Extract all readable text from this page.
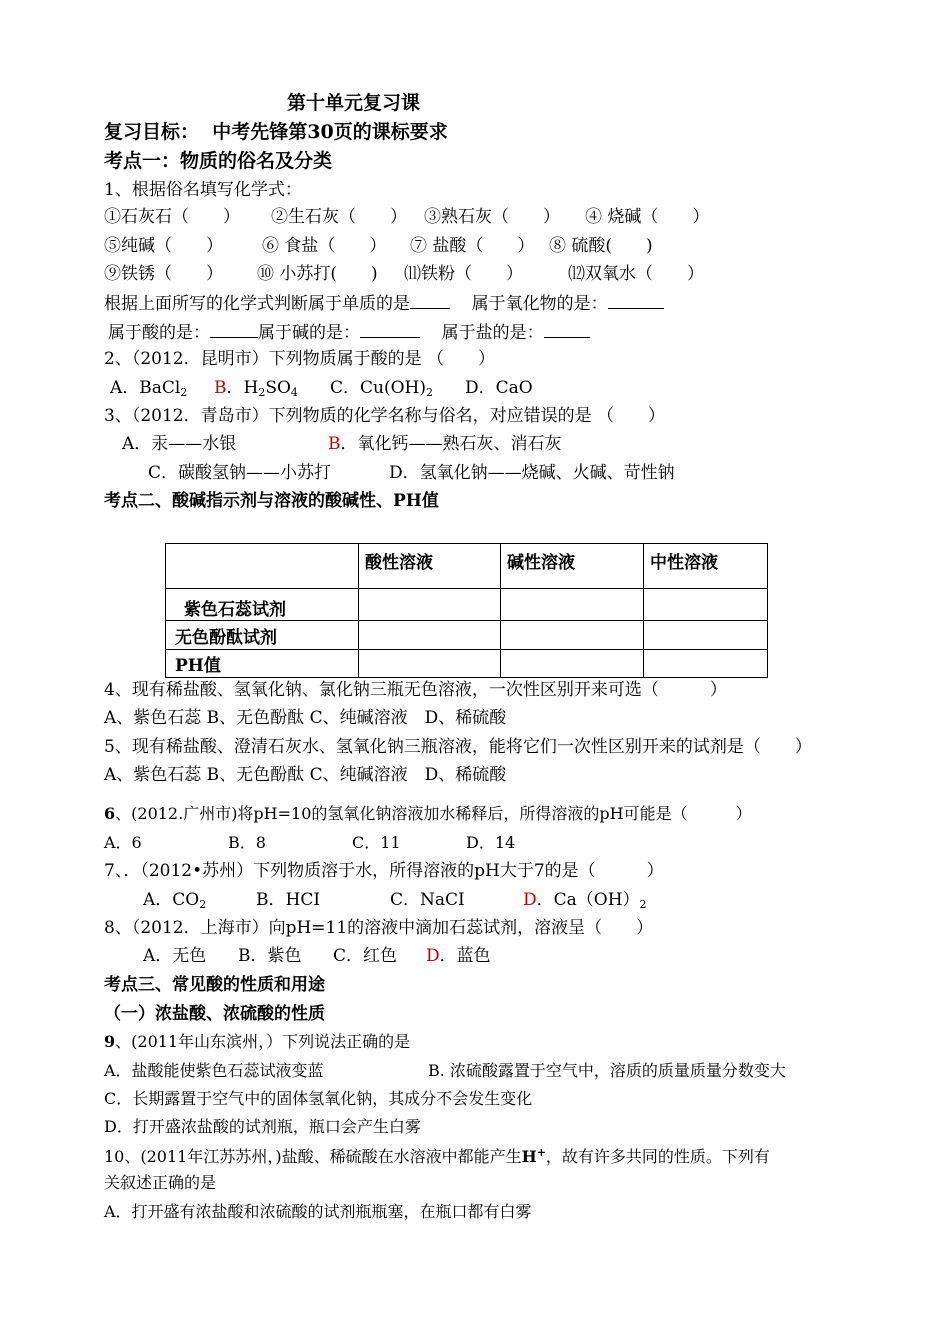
第十单元复习课
复习目标： 中考先锋第30页的课标要求
考点一：物质的俗名及分类
1、根据俗名填写化学式：
①石灰石（　　） ②生石灰（　　） ③熟石灰（　　） ④ 烧碱（　　）
⑤纯碱（　　） ⑥ 食盐（　　） ⑦ 盐酸（　　） ⑧ 硫酸(　　)
⑨铁锈（　　） ⑩ 小苏打(　　) ⑾铁粉（　　）	⑿双氧水（　　）
根据上面所写的化学式判断属于单质的是	属于氧化物的是：
属于酸的是：	属于碱的是：	属于盐的是：
2、（2012．昆明市）下列物质属于酸的是 （　　）
A．BaCl$_2$ B．$H_2SO_4$ C．$Cu(OH)_2$ D．CaO
3、（2012．青岛市）下列物质的化学名称与俗名，对应错误的是 （　　）
A．汞——水银	B．氧化钙——熟石灰、消石灰
C．碳酸氢钠——小苏打	D．氢氧化钠——烧碱、火碱、苛性钠
考点二、酸碱指示剂与溶液的酸碱性、PH值
	酸性溶液	碱性溶液	中性溶液
紫色石蕊试剂			
无色酚酞试剂			
PH值			
4、现有稀盐酸、氢氧化钠、氯化钠三瓶无色溶液，一次性区别开来可选（　　　）
A、紫色石蕊 B、无色酚酞 C、纯碱溶液　D、稀硫酸
5、现有稀盐酸、澄清石灰水、氢氧化钠三瓶溶液，能将它们一次性区别开来的试剂是（　　）
A、紫色石蕊 B、无色酚酞 C、纯碱溶液　D、稀硫酸
6、(2012.广州市)将pH=10的氢氧化钠溶液加水稀释后，所得溶液的pH可能是（　　　）
A．6	B．8	C．11	D．14
7、．（2012•苏州）下列物质溶于水，所得溶液的pH大于7的是（　　　）
A．$CO_2$	B．HCI	C．NaCI	D．$Ca(OH)_2$
8、（2012．上海市）向pH=11的溶液中滴加石蕊试剂，溶液呈（　　）
A．无色 B．紫色 C．红色 D．蓝色
考点三、常见酸的性质和用途
（一）浓盐酸、浓硫酸的性质
9、(2011年山东滨州，）下列说法正确的是
A．盐酸能使紫色石蕊试液变蓝	B. 浓硫酸露置于空气中，溶质的质量质量分数变大
C．长期露置于空气中的固体氢氧化钠，其成分不会发生变化
D．打开盛浓盐酸的试剂瓶，瓶口会产生白雾
10、(2011年江苏苏州，)盐酸、稀硫酸在水溶液中都能产生H+，故有许多共同的性质。下列有
关叙述正确的是
A．打开盛有浓盐酸和浓硫酸的试剂瓶瓶塞，在瓶口都有白雾
